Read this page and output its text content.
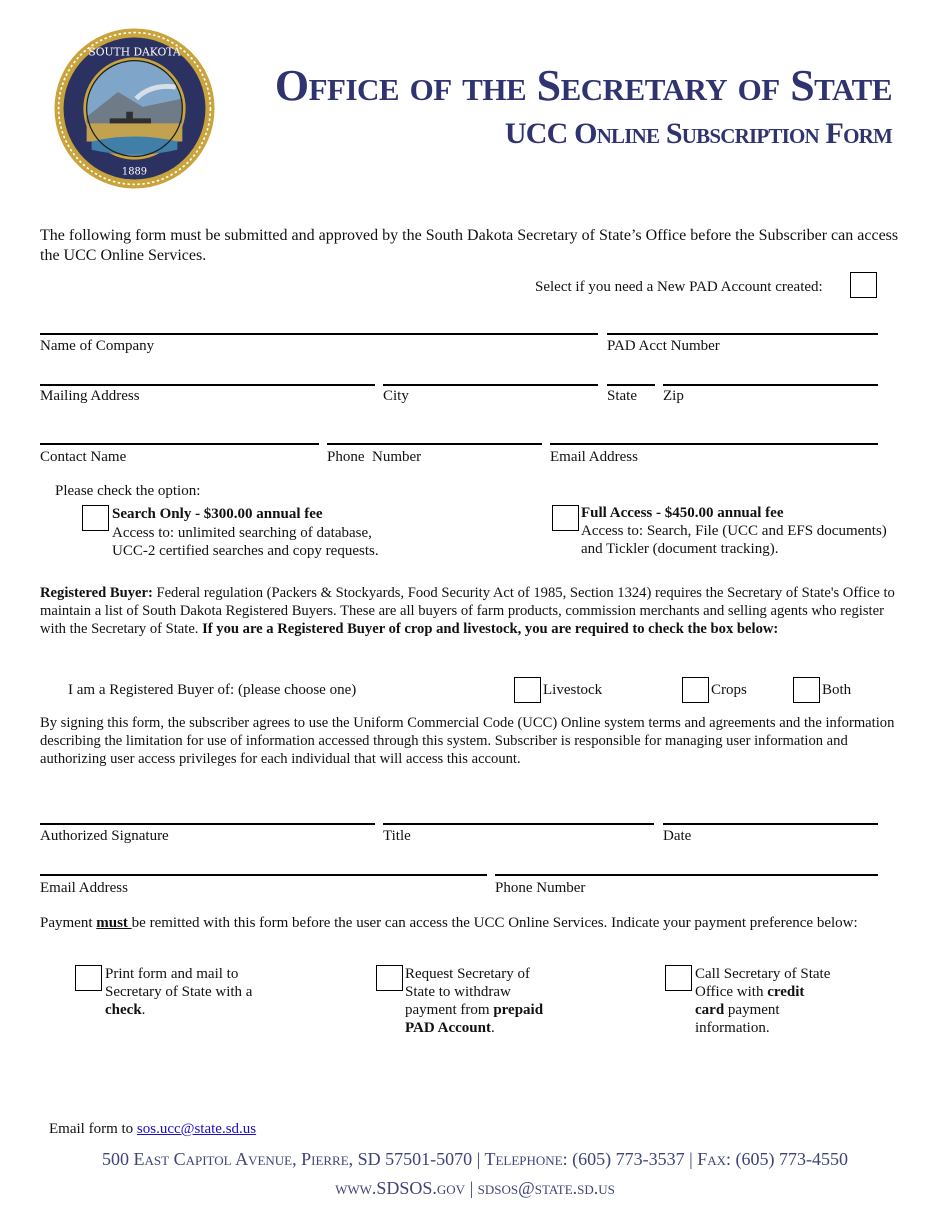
SOUTH DAKOTA
1889
Office of the Secretary of State
UCC Online Subscription Form
The following form must be submitted and approved by the South Dakota Secretary of State’s Office before the Subscriber can access the UCC Online Services.
Select if you need a New PAD Account created:
Name of Company	PAD Acct Number
Mailing Address	City	State Zip
Contact Name	Phone  Number	Email Address
Please check the option:
Search Only - $300.00 annual fee
Access to: unlimited searching of database,
UCC-2 certified searches and copy requests.
Full Access - $450.00 annual fee
Access to: Search, File (UCC and EFS documents)
and Tickler (document tracking).
Registered Buyer: Federal regulation (Packers & Stockyards, Food Security Act of 1985, Section 1324) requires the Secretary of State's Office to maintain a list of South Dakota Registered Buyers. These are all buyers of farm products, commission merchants and selling agents who register with the Secretary of State. If you are a Registered Buyer of crop and livestock, you are required to check the box below:
I am a Registered Buyer of: (please choose one)	Livestock	Crops	Both
By signing this form, the subscriber agrees to use the Uniform Commercial Code (UCC) Online system terms and agreements and the information describing the limitation for use of information accessed through this system. Subscriber is responsible for managing user information and authorizing user access privileges for each individual that will access this account.
Authorized Signature	Title	Date
Email Address	Phone Number
Payment must be remitted with this form before the user can access the UCC Online Services. Indicate your payment preference below:
Print form and mail to
Secretary of State with a
check.
Request Secretary of
State to withdraw
payment from prepaid
PAD Account.
Call Secretary of State
Office with credit
card payment
information.
Email form to sos.ucc@state.sd.us
500 East Capitol Avenue, Pierre, SD 57501-5070 | Telephone: (605) 773-3537 | Fax: (605) 773-4550
www.SDSOS.gov | sdsos@state.sd.us
